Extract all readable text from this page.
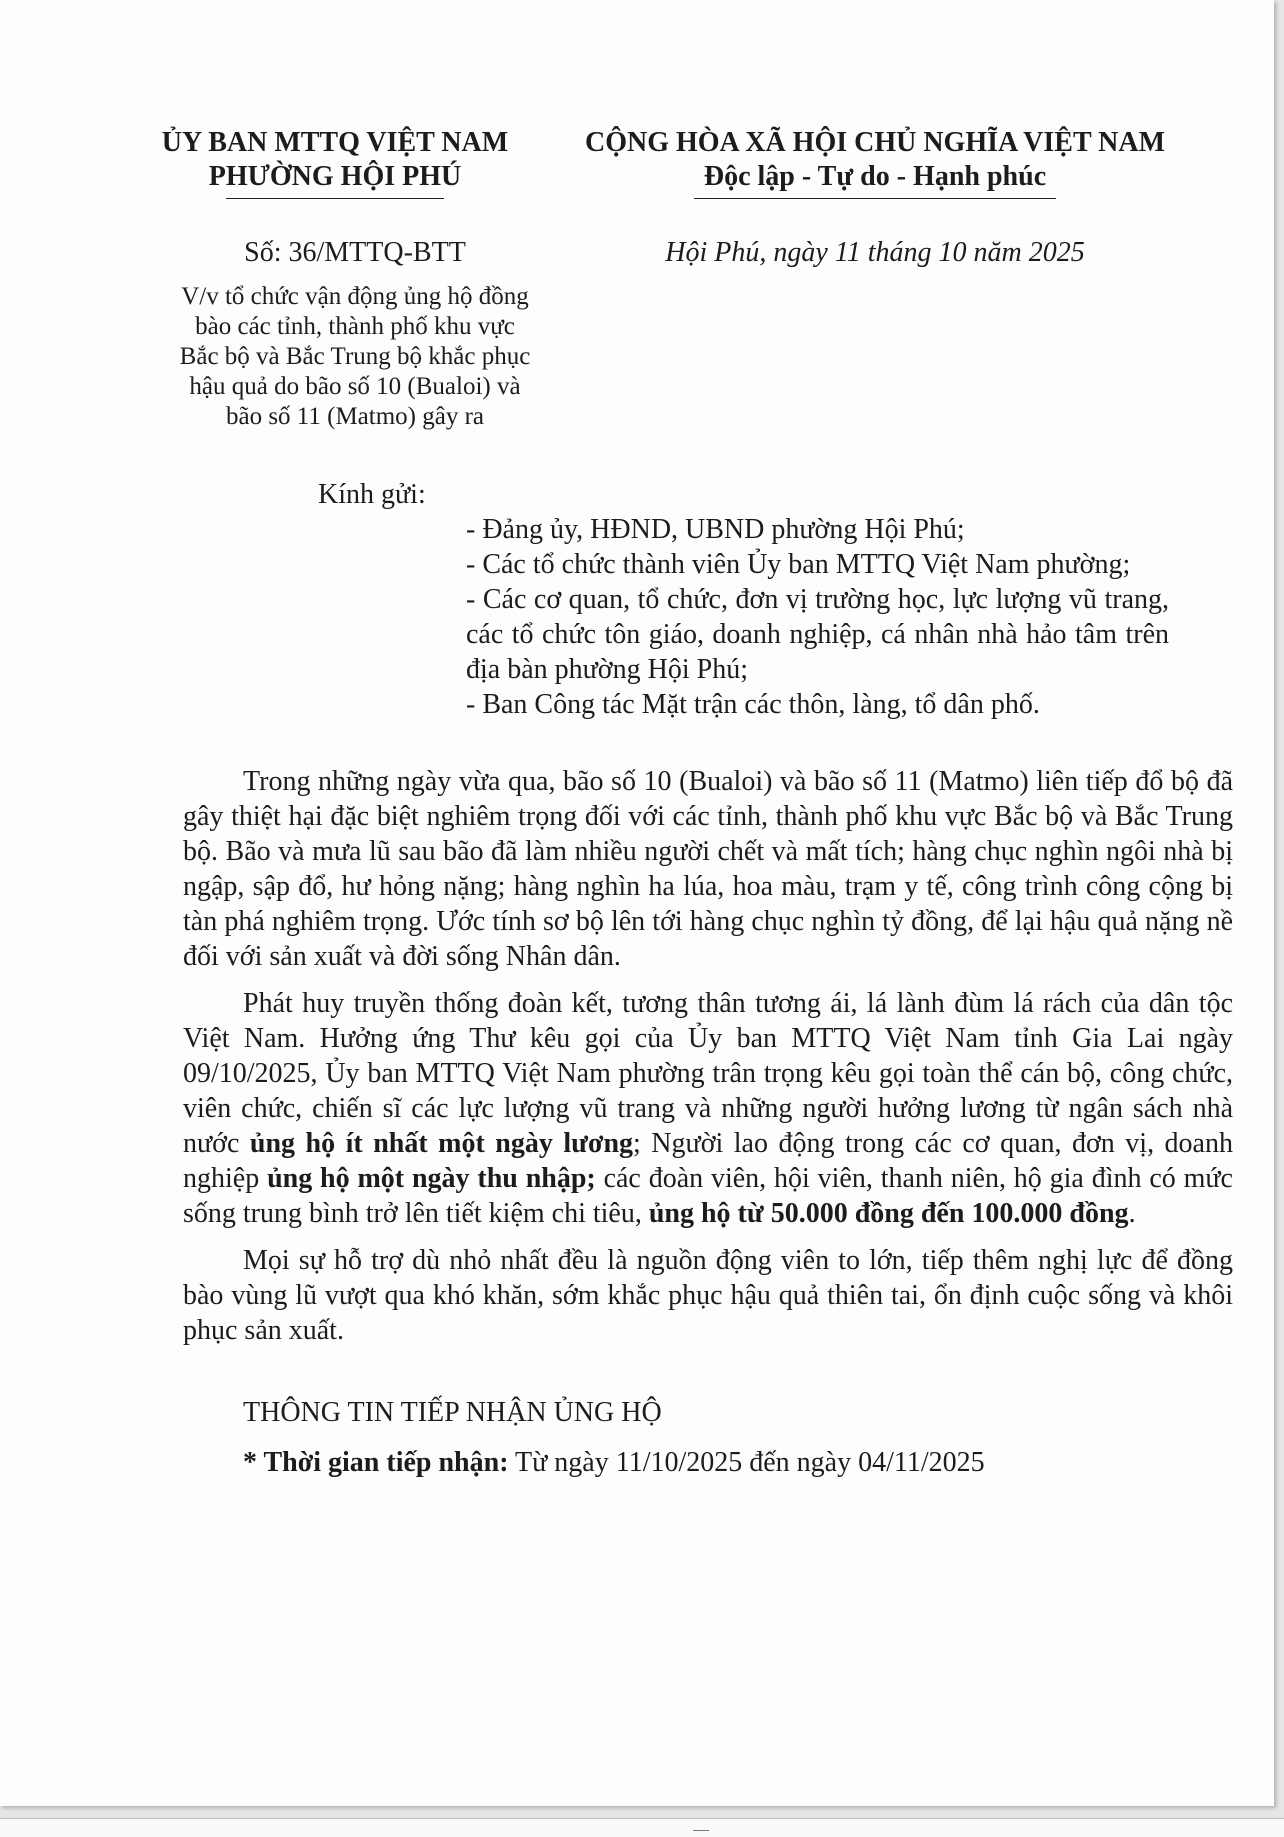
ỦY BAN MTTQ VIỆT NAM
PHƯỜNG HỘI PHÚ
CỘNG HÒA XÃ HỘI CHỦ NGHĨA VIỆT NAM
Độc lập - Tự do - Hạnh phúc
Số: 36/MTTQ-BTT
V/v tổ chức vận động ủng hộ đồng
bào các tỉnh, thành phố khu vực
Bắc bộ và Bắc Trung bộ khắc phục
hậu quả do bão số 10 (Bualoi) và
bão số 11 (Matmo) gây ra
Hội Phú, ngày 11 tháng 10 năm 2025
Kính gửi:

- Đảng ủy, HĐND, UBND phường Hội Phú;

- Các tổ chức thành viên Ủy ban MTTQ Việt Nam phường;

- Các cơ quan, tổ chức, đơn vị trường học, lực lượng vũ trang, các tổ chức tôn giáo, doanh nghiệp, cá nhân nhà hảo tâm trên địa bàn phường Hội Phú;

- Ban Công tác Mặt trận các thôn, làng, tổ dân phố.

Trong những ngày vừa qua, bão số 10 (Bualoi) và bão số 11 (Matmo) liên tiếp đổ bộ đã gây thiệt hại đặc biệt nghiêm trọng đối với các tỉnh, thành phố khu vực Bắc bộ và Bắc Trung bộ. Bão và mưa lũ sau bão đã làm nhiều người chết và mất tích; hàng chục nghìn ngôi nhà bị ngập, sập đổ, hư hỏng nặng; hàng nghìn ha lúa, hoa màu, trạm y tế, công trình công cộng bị tàn phá nghiêm trọng. Ước tính sơ bộ lên tới hàng chục nghìn tỷ đồng, để lại hậu quả nặng nề đối với sản xuất và đời sống Nhân dân.

Phát huy truyền thống đoàn kết, tương thân tương ái, lá lành đùm lá rách của dân tộc Việt Nam. Hưởng ứng Thư kêu gọi của Ủy ban MTTQ Việt Nam tỉnh Gia Lai ngày 09/10/2025, Ủy ban MTTQ Việt Nam phường trân trọng kêu gọi toàn thể cán bộ, công chức, viên chức, chiến sĩ các lực lượng vũ trang và những người hưởng lương từ ngân sách nhà nước ủng hộ ít nhất một ngày lương; Người lao động trong các cơ quan, đơn vị, doanh nghiệp ủng hộ một ngày thu nhập; các đoàn viên, hội viên, thanh niên, hộ gia đình có mức sống trung bình trở lên tiết kiệm chi tiêu, ủng hộ từ 50.000 đồng đến 100.000 đồng.

Mọi sự hỗ trợ dù nhỏ nhất đều là nguồn động viên to lớn, tiếp thêm nghị lực để đồng bào vùng lũ vượt qua khó khăn, sớm khắc phục hậu quả thiên tai, ổn định cuộc sống và khôi phục sản xuất.

THÔNG TIN TIẾP NHẬN ỦNG HỘ
* Thời gian tiếp nhận: Từ ngày 11/10/2025 đến ngày 04/11/2025
